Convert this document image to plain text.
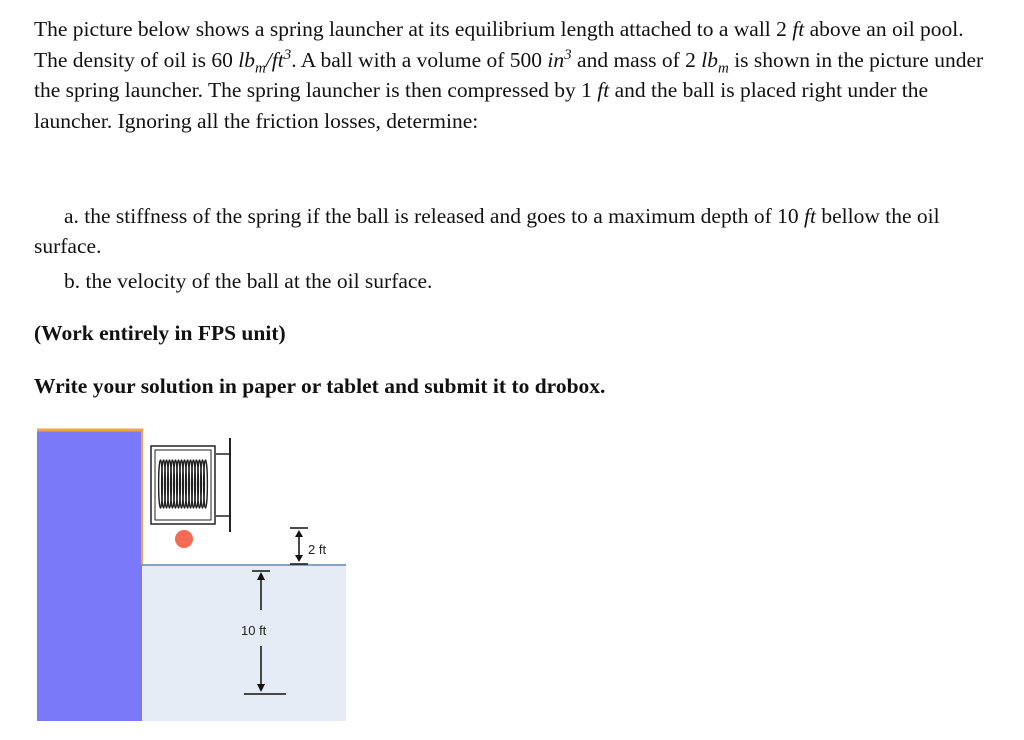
The picture below shows a spring launcher at its equilibrium length attached to a wall 2 ft above an oil pool. The density of oil is 60 $lb_m/ft^3$. A ball with a volume of 500 $in^3$ and mass of 2 $lb_m$ is shown in the picture under the spring launcher. The spring launcher is then compressed by 1 ft and the ball is placed right under the launcher. Ignoring all the friction losses, determine:

a. the stiffness of the spring if the ball is released and goes to a maximum depth of 10 ft bellow the oil surface.

b. the velocity of the ball at the oil surface.

(Work entirely in FPS unit)

Write your solution in paper or tablet and submit it to drobox.

2 ft
10 ft
